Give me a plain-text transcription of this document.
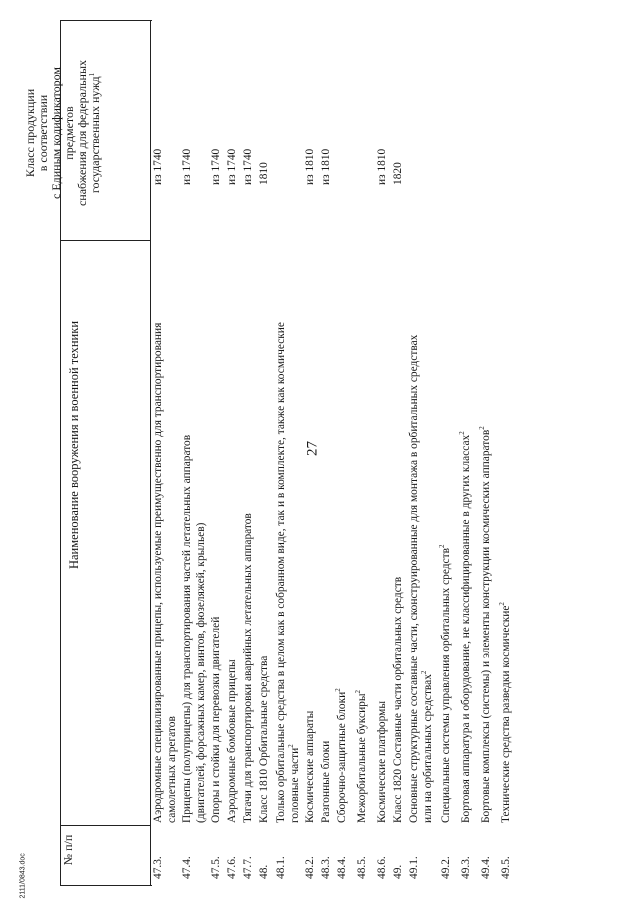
27
2111/0843.doc
№ п/п
Наименование вооружения и военной техники
Класс продукции в соответствии с Единым кодификатором предметов снабжения для федеральных государственных нужд$^1$
47.3.
Аэродромные специализированные прицепы, используемые преимущественно для транспортирования самолетных агрегатов
из 1740
47.4.
Прицепы (полуприцепы) для транспортирования частей летательных аппаратов (двигателей, форсажных камер, винтов, фюзеляжей, крыльев)
из 1740
47.5.
Опоры и стойки для перевозки двигателей
из 1740
47.6.
Аэродромные бомбовые прицепы
из 1740
47.7.
Тягачи для транспортировки аварийных летательных аппаратов
из 1740
48.
Класс 1810 Орбитальные средства
1810
48.1.
Только орбитальные средства в целом как в собранном виде, так и в комплекте, также как космические головные части$^2$
48.2.
Космические аппараты
из 1810
48.3.
Разгонные блоки
из 1810
48.4.
Сборочно-защитные блоки$^2$
48.5.
Межорбитальные буксиры$^2$
48.6.
Космические платформы
из 1810
49.
Класс 1820 Составные части орбитальных средств
1820
49.1.
Основные структурные составные части, сконструированные для монтажа в орбитальных средствах или на орбитальных средствах$^2$
49.2.
Специальные системы управления орбитальных средств$^2$
49.3.
Бортовая аппаратура и оборудование, не классифицированные в других классах$^2$
49.4.
Бортовые комплексы (системы) и элементы конструкции космических аппаратов$^2$
49.5.
Технические средства разведки космические$^2$
